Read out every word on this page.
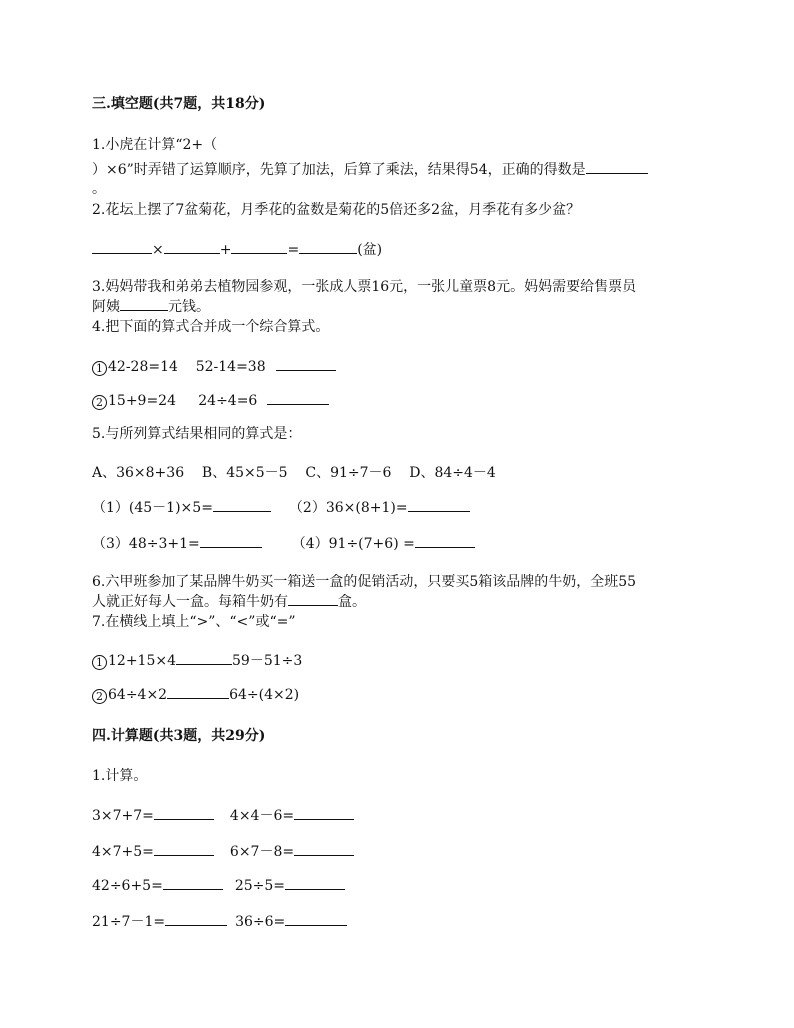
三.填空题(共7题，共18分)
1.小虎在计算“2+（
）×6”时弄错了运算顺序，先算了加法，后算了乘法，结果得54，正确的得数是
。
2.花坛上摆了7盆菊花，月季花的盆数是菊花的5倍还多2盆，月季花有多少盆？
×	+	=	(盆)
3.妈妈带我和弟弟去植物园参观，一张成人票16元，一张儿童票8元。妈妈需要给售票员
阿姨	元钱。
4.把下面的算式合并成一个综合算式。
1 42-28=14    52-14=38
2 15+9=24     24÷4=6
5.与所列算式结果相同的算式是：
A、36×8+36    B、45×5－5    C、91÷7－6    D、84÷4－4
（1）(45－1)×5=	（2）36×(8+1)=
（3）48÷3+1=	（4）91÷(7+6) =
6.六甲班参加了某品牌牛奶买一箱送一盒的促销活动，只要买5箱该品牌的牛奶，全班55
人就正好每人一盒。每箱牛奶有	盒。
7.在横线上填上“>”、“<”或“=”
1 12+15×4	59－51÷3
2 64÷4×2	64÷(4×2)
四.计算题(共3题，共29分)
1.计算。
3×7+7=	4×4－6=
4×7+5=	6×7－8=
42÷6+5=	25÷5=
21÷7－1=	36÷6=
